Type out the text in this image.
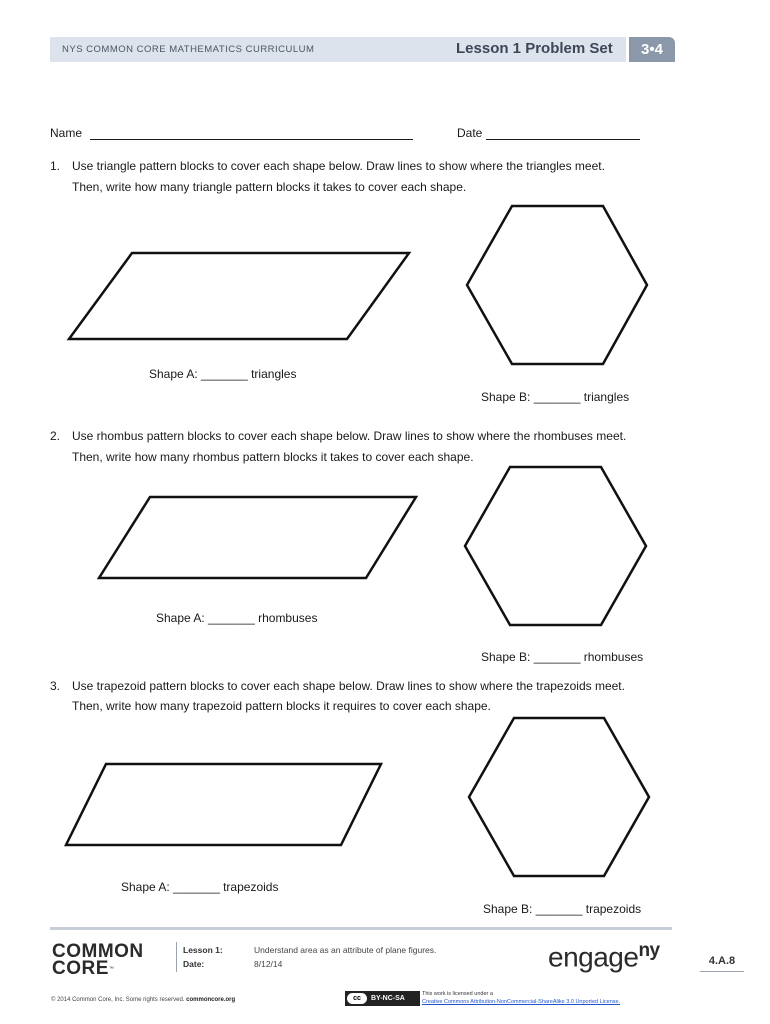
NYS COMMON CORE MATHEMATICS CURRICULUM	Lesson 1 Problem Set	3•4
Name	Date
1. Use triangle pattern blocks to cover each shape below. Draw lines to show where the triangles meet.
Then, write how many triangle pattern blocks it takes to cover each shape.
Shape A: _______ triangles
Shape B: _______ triangles
2. Use rhombus pattern blocks to cover each shape below. Draw lines to show where the rhombuses meet.
Then, write how many rhombus pattern blocks it takes to cover each shape.
Shape A: _______ rhombuses
Shape B: _______ rhombuses
3. Use trapezoid pattern blocks to cover each shape below. Draw lines to show where the trapezoids meet.
Then, write how many trapezoid pattern blocks it requires to cover each shape.
Shape A: _______ trapezoids
Shape B: _______ trapezoids
COMMON
CORE™
Lesson 1:	Understand area as an attribute of plane figures.
Date:	8/12/14	engage$^{ny}$	4.A.8
© 2014 Common Core, Inc. Some rights reserved. commoncore.org	cc	BY-NC-SA
This work is licensed under a
Creative Commons Attribution-NonCommercial-ShareAlike 3.0 Unported License.
